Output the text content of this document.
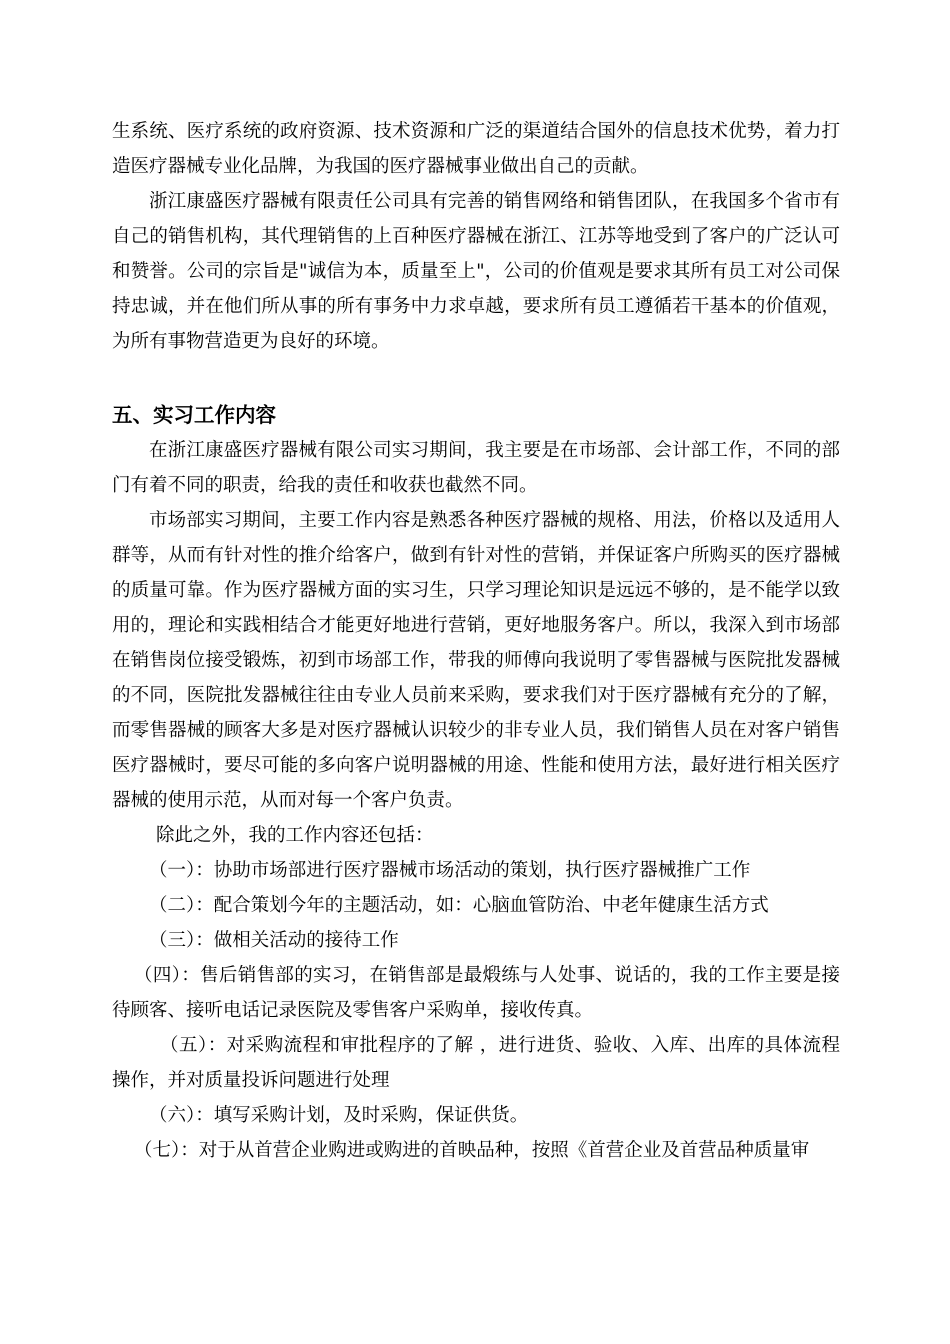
生系统、医疗系统的政府资源、技术资源和广泛的渠道结合国外的信息技术优势，着力打造医疗器械专业化品牌，为我国的医疗器械事业做出自己的贡献。

浙江康盛医疗器械有限责任公司具有完善的销售网络和销售团队，在我国多个省市有自己的销售机构，其代理销售的上百种医疗器械在浙江、江苏等地受到了客户的广泛认可和赞誉。公司的宗旨是"诚信为本，质量至上"，公司的价值观是要求其所有员工对公司保持忠诚，并在他们所从事的所有事务中力求卓越，要求所有员工遵循若干基本的价值观，为所有事物营造更为良好的环境。

五、实习工作内容

在浙江康盛医疗器械有限公司实习期间，我主要是在市场部、会计部工作，不同的部门有着不同的职责，给我的责任和收获也截然不同。

市场部实习期间，主要工作内容是熟悉各种医疗器械的规格、用法，价格以及适用人群等，从而有针对性的推介给客户，做到有针对性的营销，并保证客户所购买的医疗器械的质量可靠。作为医疗器械方面的实习生，只学习理论知识是远远不够的，是不能学以致用的，理论和实践相结合才能更好地进行营销，更好地服务客户。所以，我深入到市场部在销售岗位接受锻炼，初到市场部工作，带我的师傅向我说明了零售器械与医院批发器械的不同，医院批发器械往往由专业人员前来采购，要求我们对于医疗器械有充分的了解，而零售器械的顾客大多是对医疗器械认识较少的非专业人员，我们销售人员在对客户销售医疗器械时，要尽可能的多向客户说明器械的用途、性能和使用方法，最好进行相关医疗器械的使用示范，从而对每一个客户负责。

除此之外，我的工作内容还包括：

（一）：协助市场部进行医疗器械市场活动的策划，执行医疗器械推广工作

（二）：配合策划今年的主题活动，如：心脑血管防治、中老年健康生活方式

（三）：做相关活动的接待工作

（四）：售后销售部的实习，在销售部是最煅练与人处事、说话的，我的工作主要是接待顾客、接听电话记录医院及零售客户采购单，接收传真。

（五）：对采购流程和审批程序的了解 ，进行进货、验收、入库、出库的具体流程操作，并对质量投诉问题进行处理

（六）：填写采购计划，及时采购，保证供货。

（七）：对于从首营企业购进或购进的首映品种，按照《首营企业及首营品种质量审
